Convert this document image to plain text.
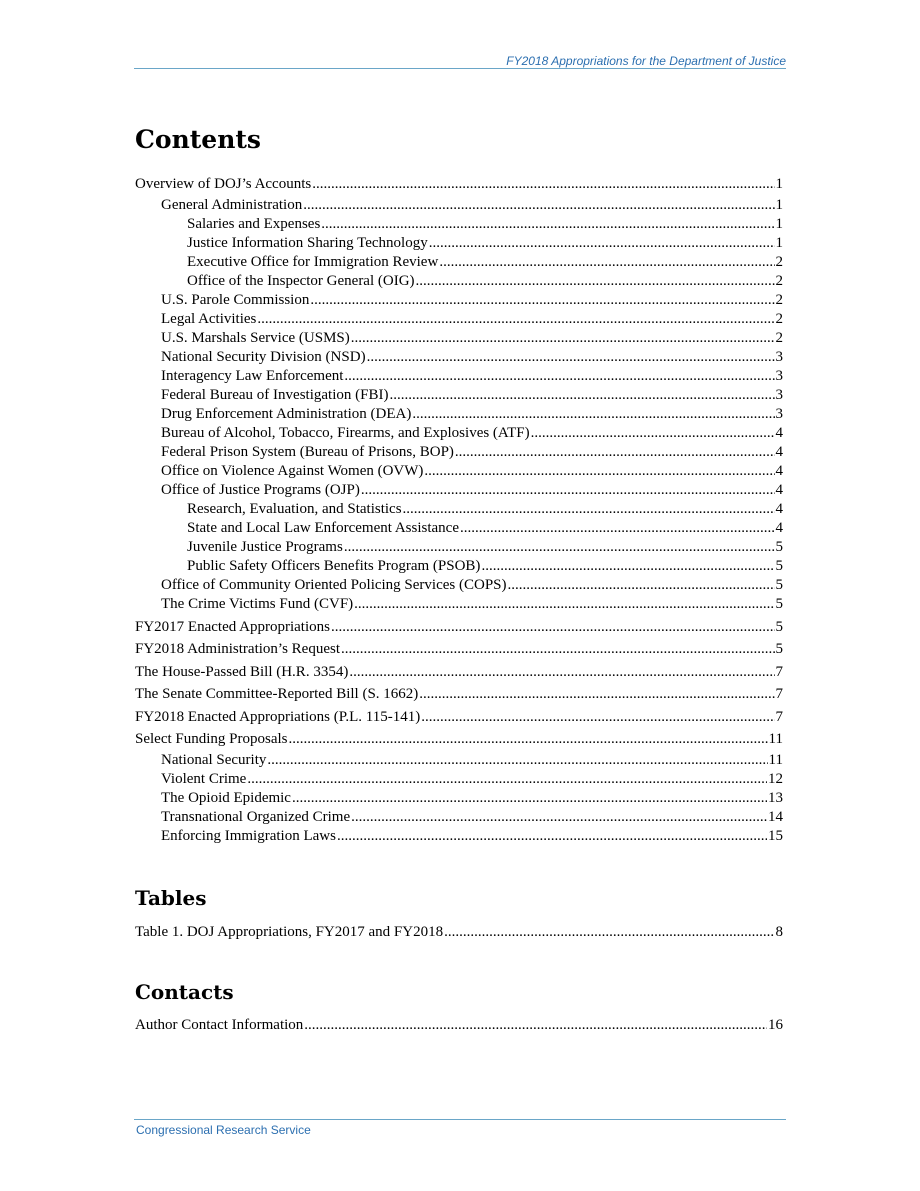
FY2018 Appropriations for the Department of Justice
Contents
Overview of DOJ’s Accounts .....	1
General Administration .....	1
Salaries and Expenses .....	1
Justice Information Sharing Technology .....	1
Executive Office for Immigration Review .....	2
Office of the Inspector General (OIG) .....	2
U.S. Parole Commission .....	2
Legal Activities .....	2
U.S. Marshals Service (USMS) .....	2
National Security Division (NSD) .....	3
Interagency Law Enforcement .....	3
Federal Bureau of Investigation (FBI) .....	3
Drug Enforcement Administration (DEA) .....	3
Bureau of Alcohol, Tobacco, Firearms, and Explosives (ATF) .....	4
Federal Prison System (Bureau of Prisons, BOP) .....	4
Office on Violence Against Women (OVW) .....	4
Office of Justice Programs (OJP) .....	4
Research, Evaluation, and Statistics .....	4
State and Local Law Enforcement Assistance .....	4
Juvenile Justice Programs .....	5
Public Safety Officers Benefits Program (PSOB) .....	5
Office of Community Oriented Policing Services (COPS) .....	5
The Crime Victims Fund (CVF) .....	5
FY2017 Enacted Appropriations .....	5
FY2018 Administration’s Request .....	5
The House-Passed Bill (H.R. 3354) .....	7
The Senate Committee-Reported Bill (S. 1662) .....	7
FY2018 Enacted Appropriations (P.L. 115-141) .....	7
Select Funding Proposals .....	11
National Security .....	11
Violent Crime .....	12
The Opioid Epidemic .....	13
Transnational Organized Crime .....	14
Enforcing Immigration Laws .....	15
Tables
Table 1. DOJ Appropriations, FY2017 and FY2018 .....	8
Contacts
Author Contact Information .....	16
Congressional Research Service
